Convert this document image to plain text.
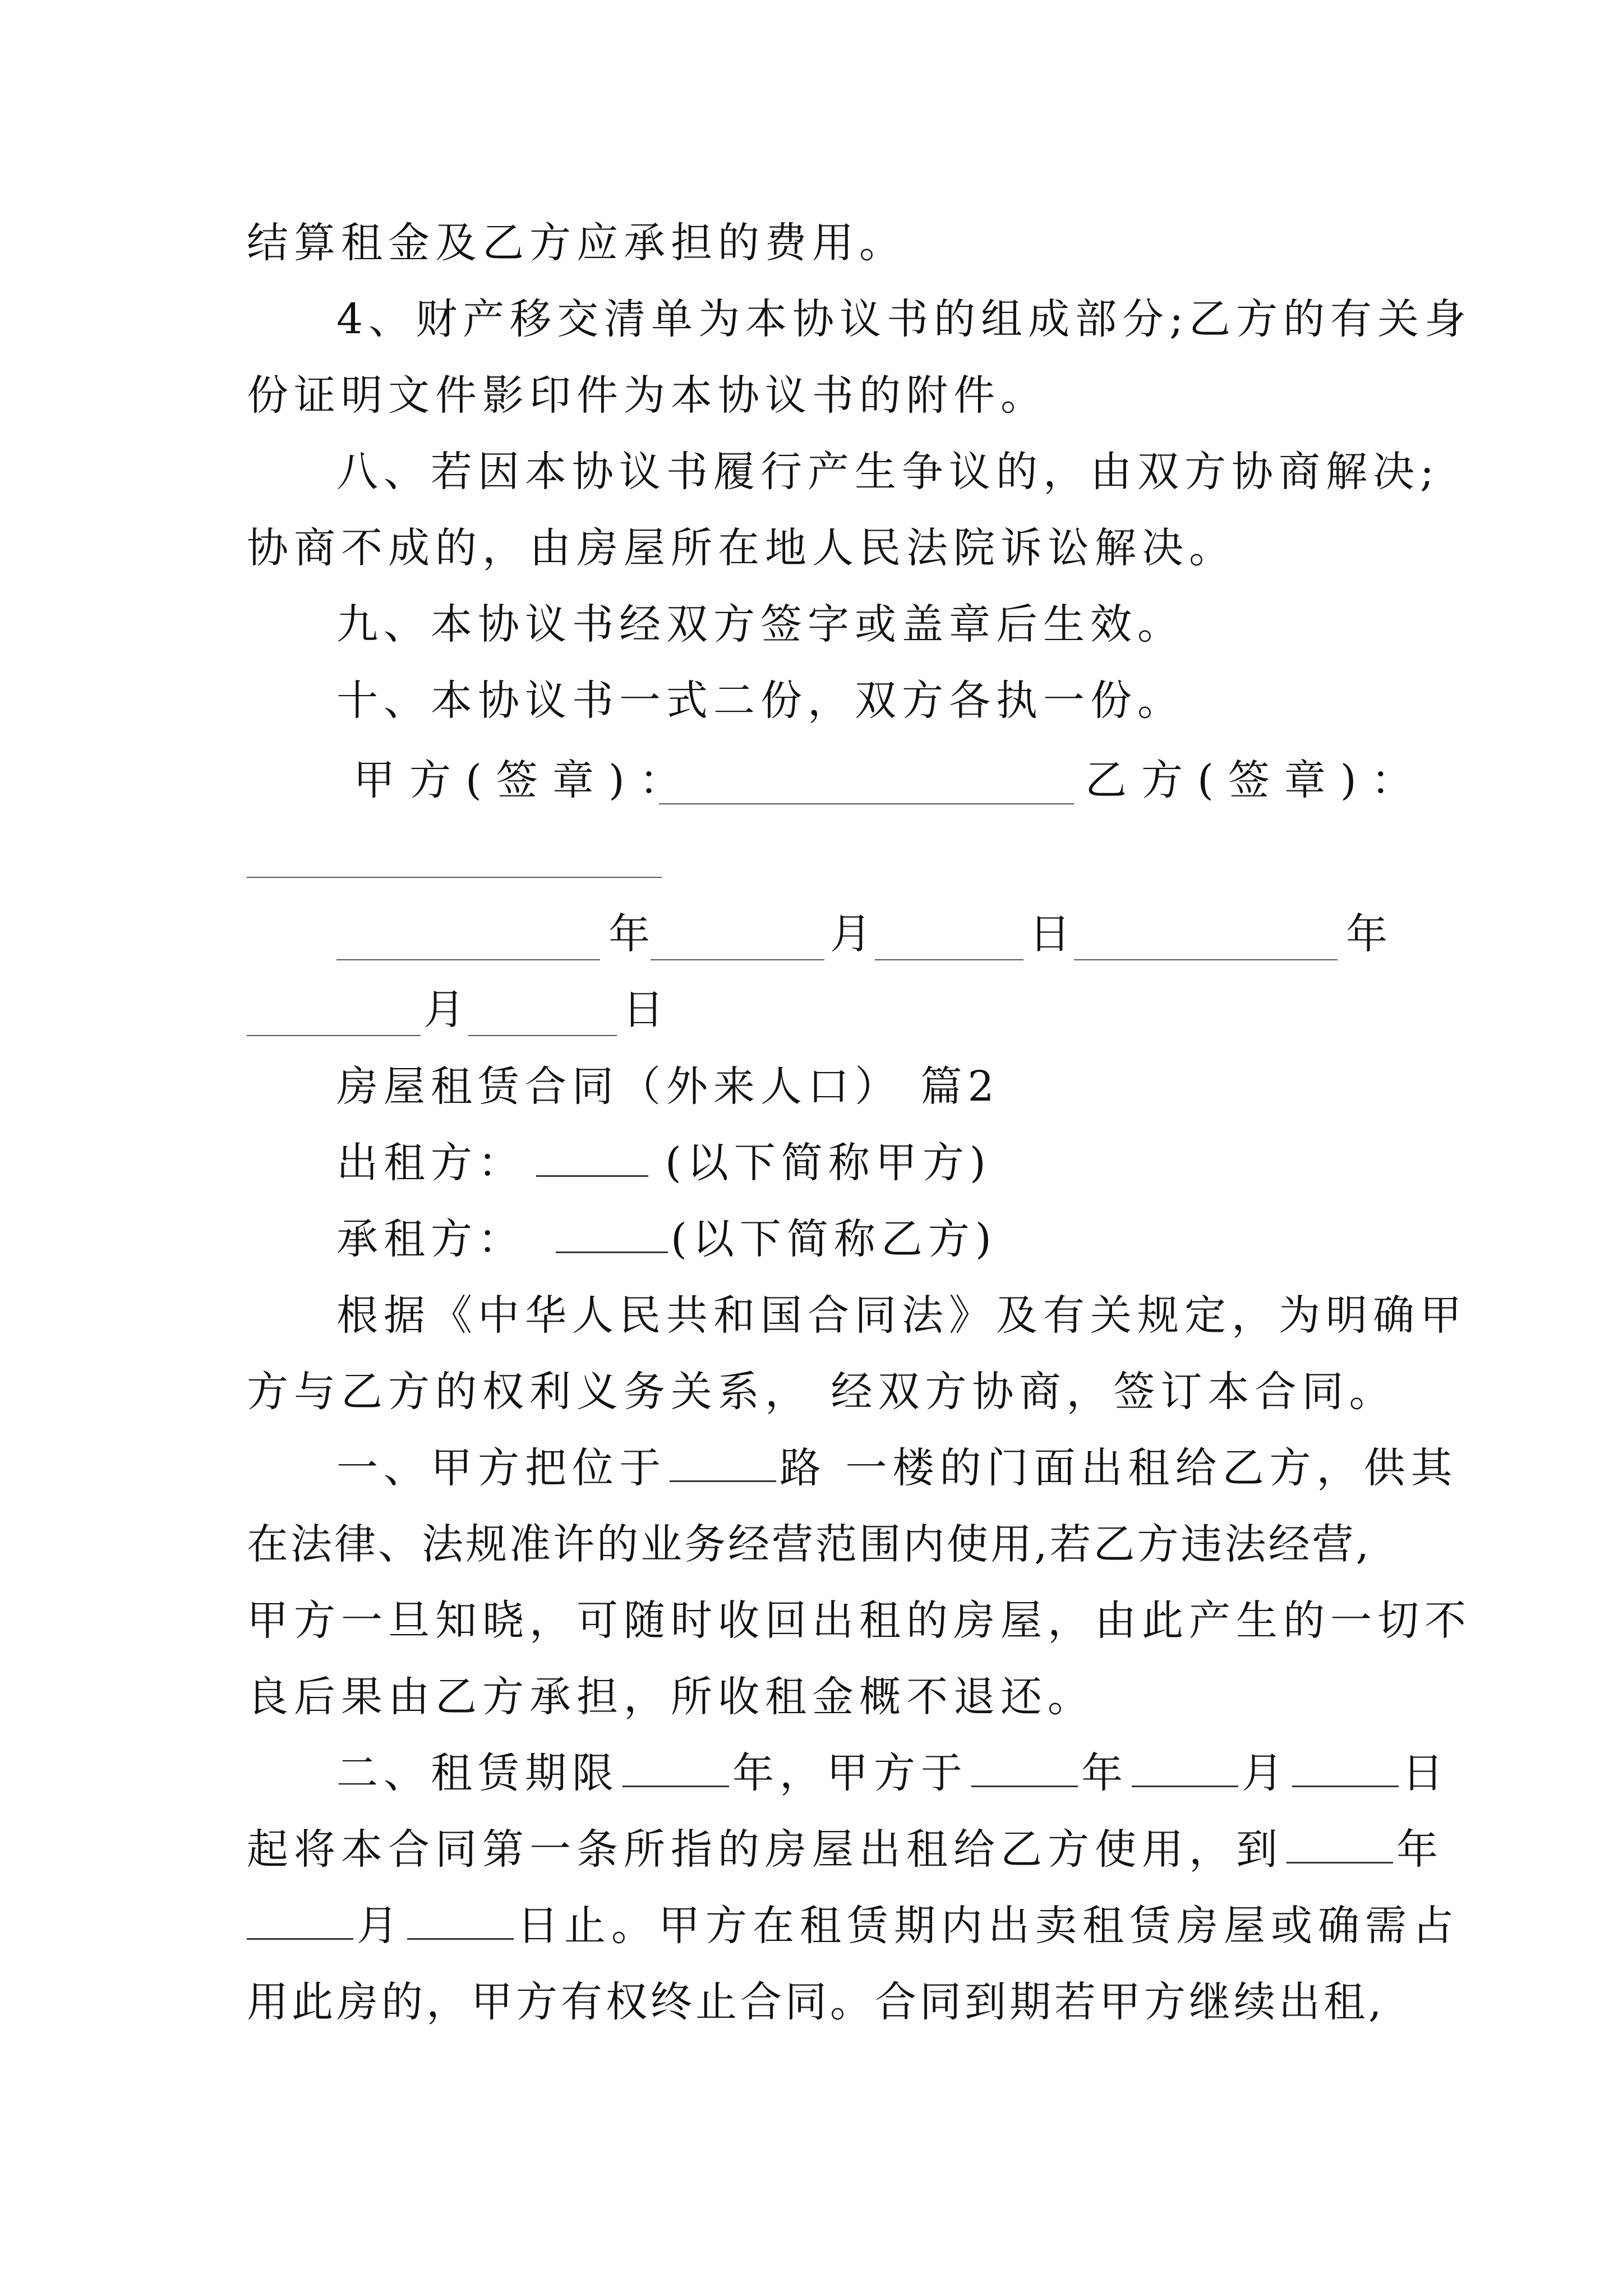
结算租金及乙方应承担的费用。

4、财产移交清单为本协议书的组成部分;乙方的有关身

份证明文件影印件为本协议书的附件。

八、若因本协议书履行产生争议的，由双方协商解决;

协商不成的，由房屋所在地人民法院诉讼解决。

九、本协议书经双方签字或盖章后生效。

十、本协议书一式二份，双方各执一份。

甲方(签章)：	乙方(签章)：
年	月	日	年
月	日

房屋租赁合同（外来人口） 篇2

出租方：	(以下简称甲方)
承租方：	(以下简称乙方)

根据《中华人民共和国合同法》及有关规定，为明确甲

方与乙方的权利义务关系， 经双方协商，签订本合同。

一、甲方把位于	路 一楼的门面出租给乙方，供其

在法律、法规准许的业务经营范围内使用,若乙方违法经营,

甲方一旦知晓，可随时收回出租的房屋，由此产生的一切不

良后果由乙方承担，所收租金概不退还。

二、租赁期限	年，甲方于	年	月	日
起将本合同第一条所指的房屋出租给乙方使用，到	年
月	日止。甲方在租赁期内出卖租赁房屋或确需占

用此房的，甲方有权终止合同。合同到期若甲方继续出租,
